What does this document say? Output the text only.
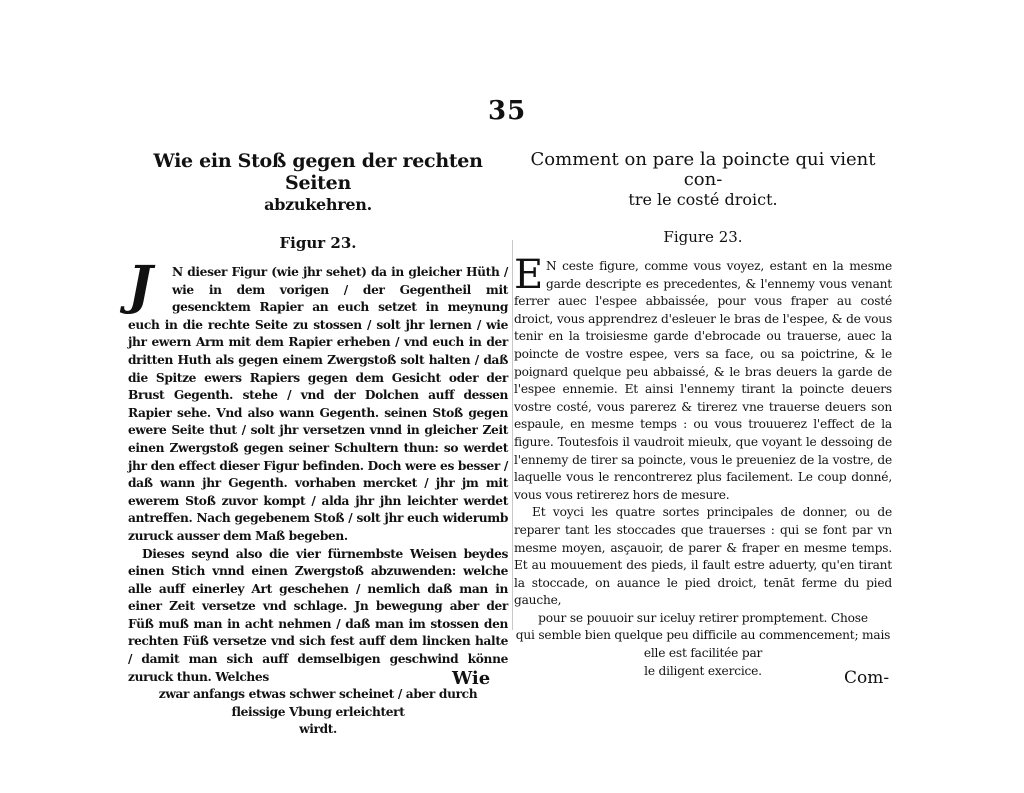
35
Wie ein Stoß gegen der rechten Seiten
abzukehren.
Figur 23.

J	N dieser Figur (wie jhr sehet) da in gleicher Hüth / wie in dem vorigen / der Gegentheil mit gesencktem Rapier an euch setzet in meynung euch in die rechte Seite zu stossen / solt jhr lernen / wie jhr ewern Arm mit dem Rapier erheben / vnd euch in der dritten Huth als gegen einem Zwergstoß solt halten / daß die Spitze ewers Rapiers gegen dem Gesicht oder der Brust Gegenth. stehe / vnd der Dolchen auff dessen Rapier sehe. Vnd also wann Gegenth. seinen Stoß gegen ewere Seite thut / solt jhr versetzen vnnd in gleicher Zeit einen Zwergstoß gegen seiner Schultern thun: so werdet jhr den effect dieser Figur befinden. Doch were es besser / daß wann jhr Gegenth. vorhaben mercket / jhr jm mit ewerem Stoß zuvor kompt / alda jhr jhn leichter werdet antreffen. Nach gegebenem Stoß / solt jhr euch widerumb zuruck ausser dem Maß begeben.

Dieses seynd also die vier fürnembste Weisen beydes einen Stich vnnd einen Zwergstoß abzuwenden: welche alle auff einerley Art geschehen / nemlich daß man in einer Zeit versetze vnd schlage. Jn bewegung aber der Füß muß man in acht nehmen / daß man im stossen den rechten Füß versetze vnd sich fest auff dem lincken halte / damit man sich auff demselbigen geschwind könne zuruck thun. Welches

zwar anfangs etwas schwer scheinet / aber durch
fleissige Vbung erleichtert
wirdt.
Comment on pare la poincte qui vient con-
tre le costé droict.
Figure 23.

E N ceste figure, comme vous voyez, estant en la mesme garde descripte es precedentes, & l'ennemy vous venant ferrer auec l'espee abbaissée, pour vous fraper au costé droict, vous apprendrez d'esleuer le bras de l'espee, & de vous tenir en la troisiesme garde d'ebrocade ou trauerse, auec la poincte de vostre espee, vers sa face, ou sa poictrine, & le poignard quelque peu abbaissé, & le bras deuers la garde de l'espee ennemie. Et ainsi l'ennemy tirant la poincte deuers vostre costé, vous parerez & tirerez vne trauerse deuers son espaule, en mesme temps : ou vous trouuerez l'effect de la figure. Toutesfois il vaudroit mieulx, que voyant le dessoing de l'ennemy de tirer sa poincte, vous le preueniez de la vostre, de laquelle vous le rencontrerez plus facilement. Le coup donné, vous vous retirerez hors de mesure.

Et voyci les quatre sortes principales de donner, ou de reparer tant les stoccades que trauerses : qui se font par vn mesme moyen, asçauoir, de parer & fraper en mesme temps. Et au mouuement des pieds, il fault estre aduerty, qu'en tirant la stoccade, on auance le pied droict, tenāt ferme du pied gauche,

pour se pouuoir sur iceluy retirer promptement. Chose
qui semble bien quelque peu difficile au commencement; mais elle est facilitée par
le diligent exercice.
Wie	Com-
